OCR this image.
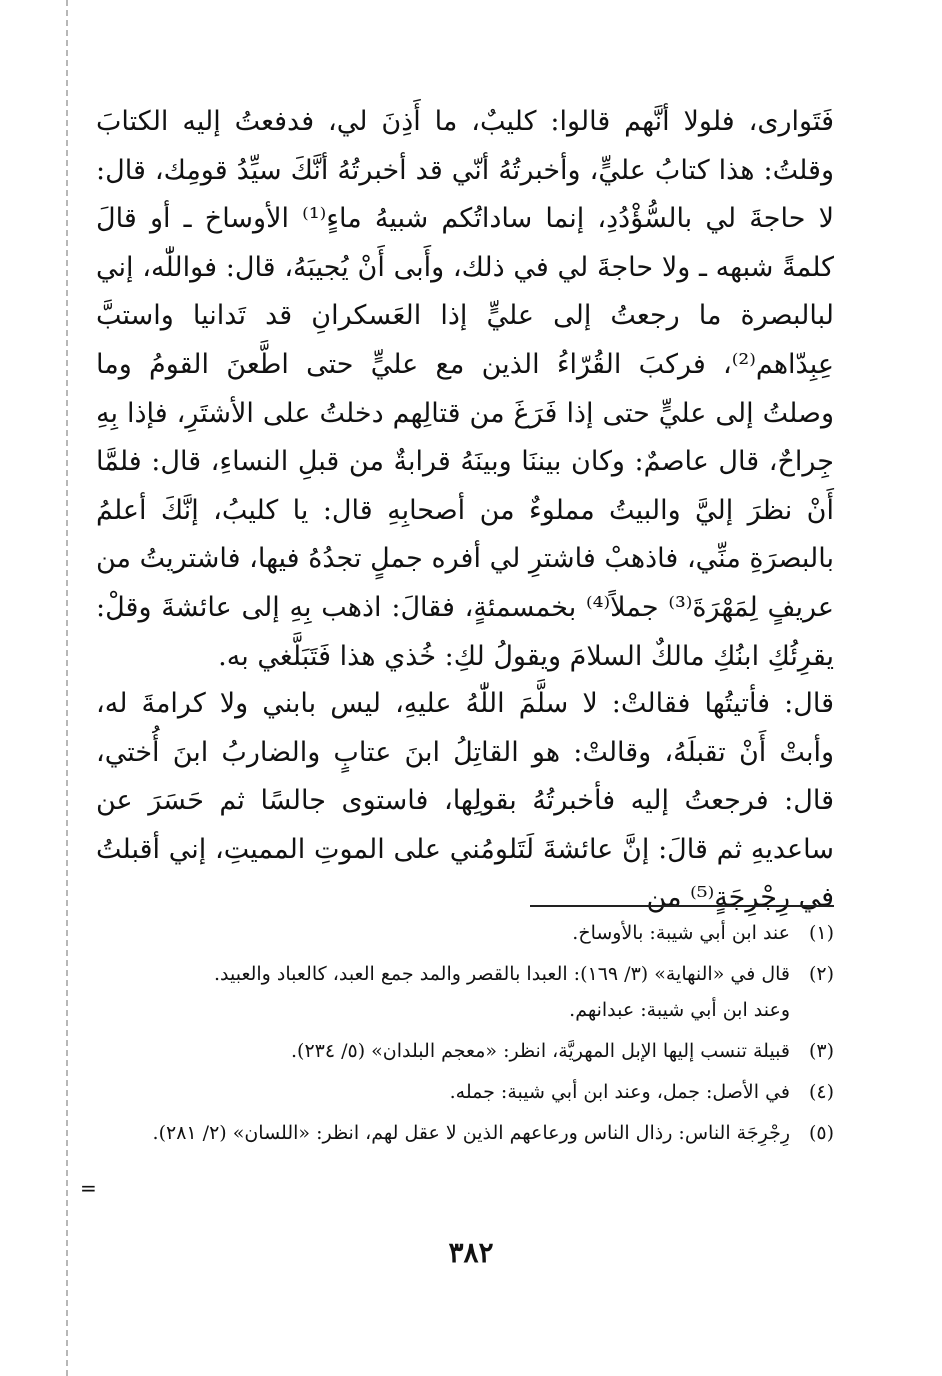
فَتَوارى، فلولا أنَّهم قالوا: كليبٌ، ما أَذِنَ لي، فدفعتُ إليه الكتابَ وقلتُ: هذا كتابُ عليٍّ، وأخبرتُهُ أنّي قد أخبرتُهُ أنَّكَ سيِّدُ قومِك، قال: لا حاجةَ لي بالسُّؤْدُدِ، إنما ساداتُكم شبيهُ ماءٍ⁽¹⁾ الأوساخ ـ أو قالَ كلمةً شبهه ـ ولا حاجةَ لي في ذلك، وأَبى أَنْ يُجيبَهُ، قال: فواللّٰه، إني لبالبصرة ما رجعتُ إلى عليٍّ إذا العَسكرانِ قد تَدانيا واستبَّ عِبِدّاهم⁽²⁾، فركبَ القُرّاءُ الذين مع عليٍّ حتى اطَّعنَ القومُ وما وصلتُ إلى عليٍّ حتى إذا فَرَغَ من قتالِهم دخلتُ على الأشتَرِ، فإذا بِهِ جِراحٌ، قال عاصمٌ: وكان بيننَا وبينَهُ قرابةٌ من قبلِ النساءِ، قال: فلمَّا أَنْ نظرَ إليَّ والبيتُ مملوءٌ من أصحابِهِ قال: يا كليبُ، إنَّكَ أعلمُ بالبصرَةِ منِّي، فاذهبْ فاشترِ لي أفره جملٍ تجدُهُ فيها، فاشتريتُ من عريفٍ لِمَهْرَةَ⁽³⁾ جملاً⁽⁴⁾ بخمسمئةٍ، فقالَ: اذهب بِهِ إلى عائشةَ وقلْ: يقرِئُكِ ابنُكِ مالكٌ السلامَ ويقولُ لكِ: خُذي هذا فَتَبَلَّغي به.

قال: فأتيتُها فقالتْ: لا سلَّمَ اللّٰهُ عليهِ، ليس بابني ولا كرامةَ له، وأبتْ أَنْ تقبلَهُ، وقالتْ: هو القاتِلُ ابنَ عتابٍ والضاربُ ابنَ أُختي، قال: فرجعتُ إليه فأخبرتُهُ بقولِها، فاستوى جالسًا ثم حَسَرَ عن ساعديهِ ثم قالَ: إنَّ عائشةَ لَتَلومُني على الموتِ المميتِ، إني أقبلتُ في رِجْرِجَةٍ⁽⁵⁾ من

(١)
عند ابن أبي شيبة: بالأوساخ.
(٢)
قال في «النهاية» (٣/ ١٦٩): العبدا بالقصر والمد جمع العبد، كالعباد والعبيد.
وعند ابن أبي شيبة: عبدانهم.
(٣)
قبيلة تنسب إليها الإبل المهريَّة، انظر: «معجم البلدان» (٥/ ٢٣٤).
(٤)
في الأصل: جمل، وعند ابن أبي شيبة: جمله.
(٥)
رِجْرِجَة الناس: رذال الناس ورعاعهم الذين لا عقل لهم، انظر: «اللسان» (٢/ ٢٨١).
=
٣٨٢
